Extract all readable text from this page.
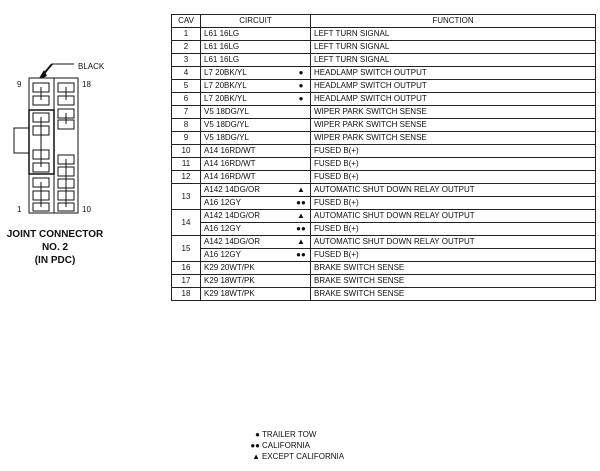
BLACK
9	18
1	10
JOINT CONNECTOR
NO. 2
(IN PDC)
CAV	CIRCUIT		FUNCTION
1	L61 16LG		LEFT TURN SIGNAL
2	L61 16LG		LEFT TURN SIGNAL
3	L61 16LG		LEFT TURN SIGNAL
4	L7 20BK/YL	●	HEADLAMP SWITCH OUTPUT
5	L7 20BK/YL	●	HEADLAMP SWITCH OUTPUT
6	L7 20BK/YL	●	HEADLAMP SWITCH OUTPUT
7	V5 18DG/YL		WIPER PARK SWITCH SENSE
8	V5 18DG/YL		WIPER PARK SWITCH SENSE
9	V5 18DG/YL		WIPER PARK SWITCH SENSE
10	A14 16RD/WT		FUSED B(+)
11	A14 16RD/WT		FUSED B(+)
12	A14 16RD/WT		FUSED B(+)
13	A142 14DG/OR	▲	AUTOMATIC SHUT DOWN RELAY OUTPUT
	A16 12GY	●●	FUSED B(+)
14	A142 14DG/OR	▲	AUTOMATIC SHUT DOWN RELAY OUTPUT
	A16 12GY	●●	FUSED B(+)
15	A142 14DG/OR	▲	AUTOMATIC SHUT DOWN RELAY OUTPUT
	A16 12GY	●●	FUSED B(+)
16	K29 20WT/PK		BRAKE SWITCH SENSE
17	K29 18WT/PK		BRAKE SWITCH SENSE
18	K29 18WT/PK		BRAKE SWITCH SENSE
● TRAILER TOW
●● CALIFORNIA
▲ EXCEPT CALIFORNIA
